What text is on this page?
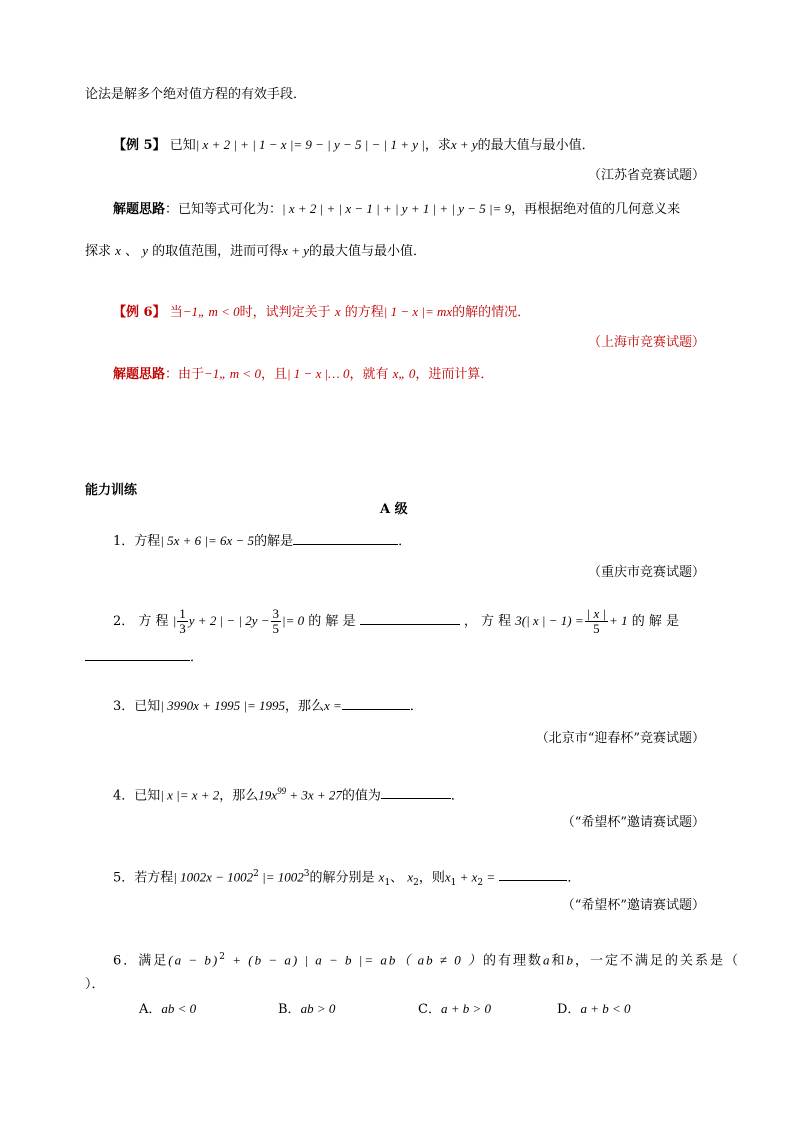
论法是解多个绝对值方程的有效手段．
【例 5】 已知| x + 2 | + | 1 − x |= 9 − | y − 5 | − | 1 + y |，求x + y的最大值与最小值．
（江苏省竞赛试题）
解题思路：已知等式可化为：| x + 2 | + | x − 1 | + | y + 1 | + | y − 5 |= 9，再根据绝对值的几何意义来
探求 x 、 y 的取值范围，进而可得x + y的最大值与最小值．
【例 6】 当−1„ m < 0时，试判定关于 x 的方程| 1 − x |= mx的解的情况．
（上海市竞赛试题）
解题思路：由于−1„ m < 0，且| 1 − x |… 0，就有 x„ 0，进而计算．
能力训练
A 级
1．方程| 5x + 6 |= 6x − 5的解是	．
（重庆市竞赛试题）
2． 方 程 | $\frac{1}{3}$ y + 2 | − | $2y - \frac{3}{5}$ |= 0 的 解 是	， 方 程 3(| x | − $1) = \frac{| x |}{5} + 1$ 的 解 是
．
3．已知| 3990x + 1995 |= 1995，那么x =	．
（北京市“迎春杯”竞赛试题）
4．已知| x |= x + 2，那么$19x^{99} + 3x + 27$的值为	．
（“希望杯”邀请赛试题）
5．若方程| $1002x - 1002^2$ |= $1002^3$的解分别是 $x_1$、 $x_2$，则$x_1 + x_2$ =	．
（“希望杯”邀请赛试题）
6．满足$(a - b)^2 + (b - a)$ | a − b |= ab（ ab ≠ 0 ）的有理数a和b，一定不满足的关系是（
）．
A．ab < 0	B．ab > 0	C．a + b > 0	D．a + b < 0
